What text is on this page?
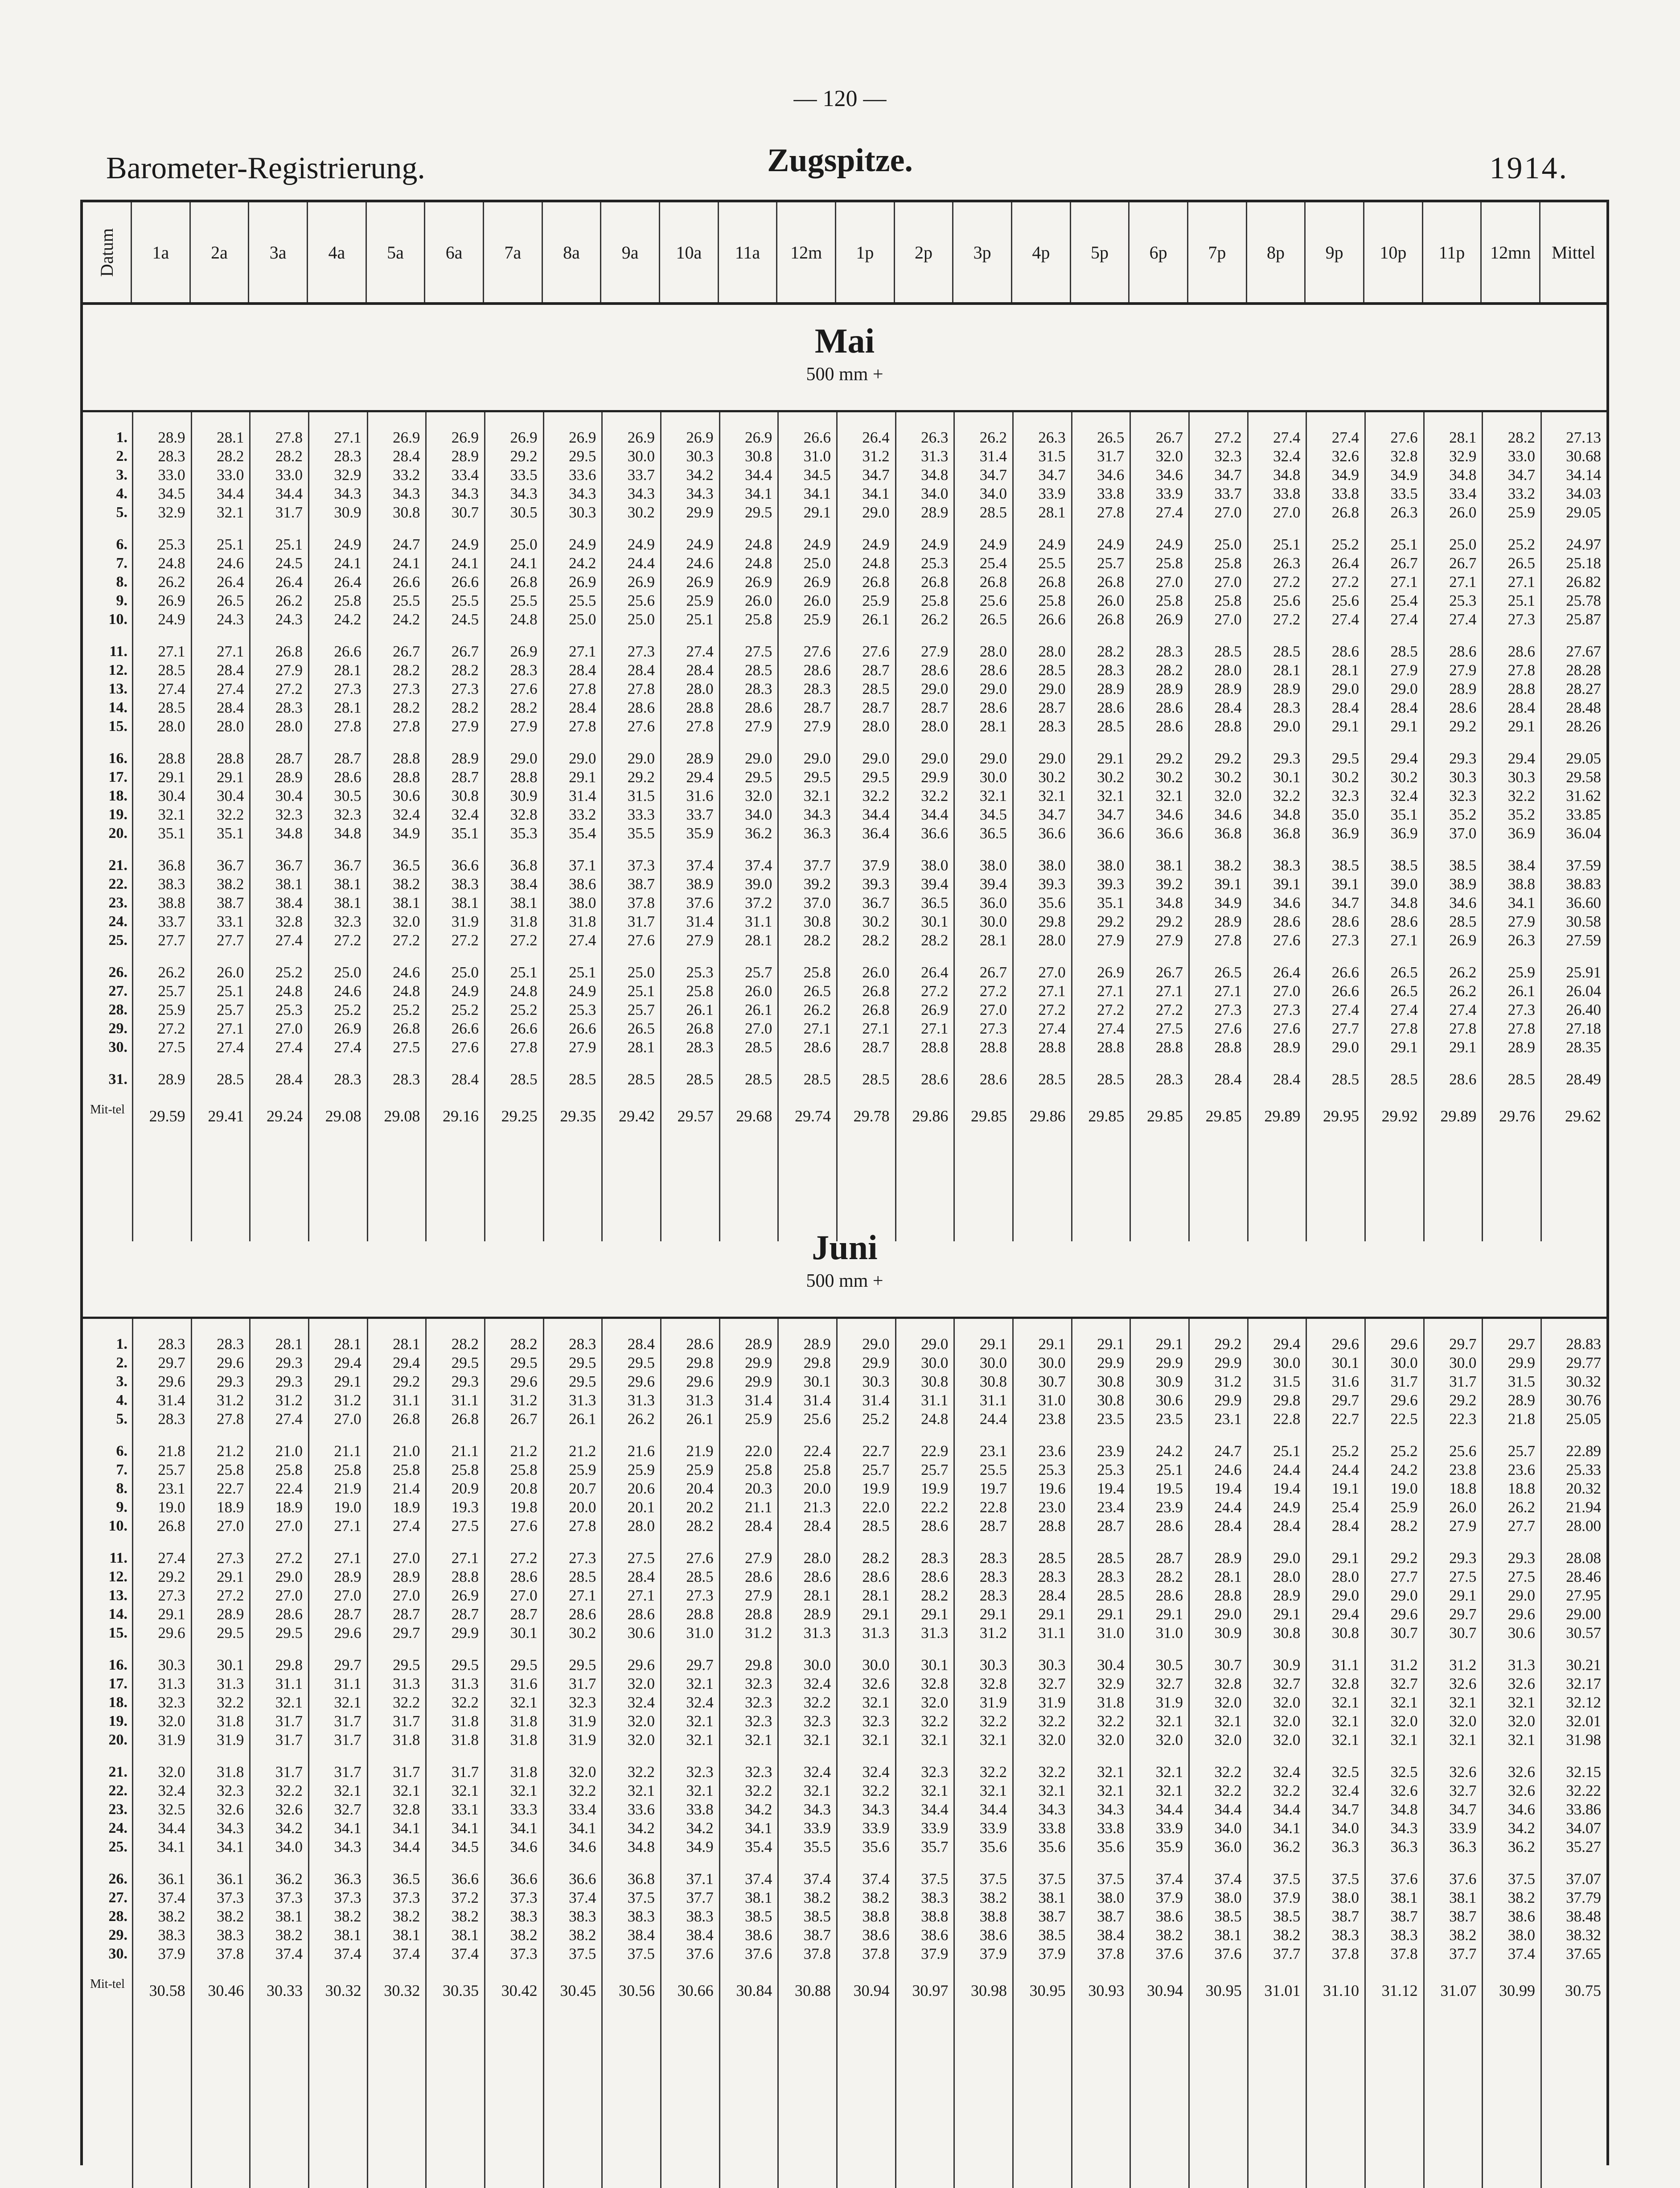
— 120 —
Barometer-Registrierung.	Zugspitze.	1914.
Datum 1a 2a 3a 4a 5a 6a 7a 8a 9a 10a 11a 12m 1p 2p 3p 4p 5p 6p 7p 8p 9p 10p 11p 12mn Mittel
Mai
500 mm +
1.	28.9	28.1	27.8	27.1	26.9	26.9	26.9	26.9	26.9	26.9	26.9	26.6	26.4	26.3	26.2	26.3	26.5	26.7	27.2	27.4	27.4	27.6	28.1	28.2	27.13
2.	28.3	28.2	28.2	28.3	28.4	28.9	29.2	29.5	30.0	30.3	30.8	31.0	31.2	31.3	31.4	31.5	31.7	32.0	32.3	32.4	32.6	32.8	32.9	33.0	30.68
3.	33.0	33.0	33.0	32.9	33.2	33.4	33.5	33.6	33.7	34.2	34.4	34.5	34.7	34.8	34.7	34.7	34.6	34.6	34.7	34.8	34.9	34.9	34.8	34.7	34.14
4.	34.5	34.4	34.4	34.3	34.3	34.3	34.3	34.3	34.3	34.3	34.1	34.1	34.1	34.0	34.0	33.9	33.8	33.9	33.7	33.8	33.8	33.5	33.4	33.2	34.03
5.	32.9	32.1	31.7	30.9	30.8	30.7	30.5	30.3	30.2	29.9	29.5	29.1	29.0	28.9	28.5	28.1	27.8	27.4	27.0	27.0	26.8	26.3	26.0	25.9	29.05
6.	25.3	25.1	25.1	24.9	24.7	24.9	25.0	24.9	24.9	24.9	24.8	24.9	24.9	24.9	24.9	24.9	24.9	24.9	25.0	25.1	25.2	25.1	25.0	25.2	24.97
7.	24.8	24.6	24.5	24.1	24.1	24.1	24.1	24.2	24.4	24.6	24.8	25.0	24.8	25.3	25.4	25.5	25.7	25.8	25.8	26.3	26.4	26.7	26.7	26.5	25.18
8.	26.2	26.4	26.4	26.4	26.6	26.6	26.8	26.9	26.9	26.9	26.9	26.9	26.8	26.8	26.8	26.8	26.8	27.0	27.0	27.2	27.2	27.1	27.1	27.1	26.82
9.	26.9	26.5	26.2	25.8	25.5	25.5	25.5	25.5	25.6	25.9	26.0	26.0	25.9	25.8	25.6	25.8	26.0	25.8	25.8	25.6	25.6	25.4	25.3	25.1	25.78
10.	24.9	24.3	24.3	24.2	24.2	24.5	24.8	25.0	25.0	25.1	25.8	25.9	26.1	26.2	26.5	26.6	26.8	26.9	27.0	27.2	27.4	27.4	27.4	27.3	25.87
11.	27.1	27.1	26.8	26.6	26.7	26.7	26.9	27.1	27.3	27.4	27.5	27.6	27.6	27.9	28.0	28.0	28.2	28.3	28.5	28.5	28.6	28.5	28.6	28.6	27.67
12.	28.5	28.4	27.9	28.1	28.2	28.2	28.3	28.4	28.4	28.4	28.5	28.6	28.7	28.6	28.6	28.5	28.3	28.2	28.0	28.1	28.1	27.9	27.9	27.8	28.28
13.	27.4	27.4	27.2	27.3	27.3	27.3	27.6	27.8	27.8	28.0	28.3	28.3	28.5	29.0	29.0	29.0	28.9	28.9	28.9	28.9	29.0	29.0	28.9	28.8	28.27
14.	28.5	28.4	28.3	28.1	28.2	28.2	28.2	28.4	28.6	28.8	28.6	28.7	28.7	28.7	28.6	28.7	28.6	28.6	28.4	28.3	28.4	28.4	28.6	28.4	28.48
15.	28.0	28.0	28.0	27.8	27.8	27.9	27.9	27.8	27.6	27.8	27.9	27.9	28.0	28.0	28.1	28.3	28.5	28.6	28.8	29.0	29.1	29.1	29.2	29.1	28.26
16.	28.8	28.8	28.7	28.7	28.8	28.9	29.0	29.0	29.0	28.9	29.0	29.0	29.0	29.0	29.0	29.0	29.1	29.2	29.2	29.3	29.5	29.4	29.3	29.4	29.05
17.	29.1	29.1	28.9	28.6	28.8	28.7	28.8	29.1	29.2	29.4	29.5	29.5	29.5	29.9	30.0	30.2	30.2	30.2	30.2	30.1	30.2	30.2	30.3	30.3	29.58
18.	30.4	30.4	30.4	30.5	30.6	30.8	30.9	31.4	31.5	31.6	32.0	32.1	32.2	32.2	32.1	32.1	32.1	32.1	32.0	32.2	32.3	32.4	32.3	32.2	31.62
19.	32.1	32.2	32.3	32.3	32.4	32.4	32.8	33.2	33.3	33.7	34.0	34.3	34.4	34.4	34.5	34.7	34.7	34.6	34.6	34.8	35.0	35.1	35.2	35.2	33.85
20.	35.1	35.1	34.8	34.8	34.9	35.1	35.3	35.4	35.5	35.9	36.2	36.3	36.4	36.6	36.5	36.6	36.6	36.6	36.8	36.8	36.9	36.9	37.0	36.9	36.04
21.	36.8	36.7	36.7	36.7	36.5	36.6	36.8	37.1	37.3	37.4	37.4	37.7	37.9	38.0	38.0	38.0	38.0	38.1	38.2	38.3	38.5	38.5	38.5	38.4	37.59
22.	38.3	38.2	38.1	38.1	38.2	38.3	38.4	38.6	38.7	38.9	39.0	39.2	39.3	39.4	39.4	39.3	39.3	39.2	39.1	39.1	39.1	39.0	38.9	38.8	38.83
23.	38.8	38.7	38.4	38.1	38.1	38.1	38.1	38.0	37.8	37.6	37.2	37.0	36.7	36.5	36.0	35.6	35.1	34.8	34.9	34.6	34.7	34.8	34.6	34.1	36.60
24.	33.7	33.1	32.8	32.3	32.0	31.9	31.8	31.8	31.7	31.4	31.1	30.8	30.2	30.1	30.0	29.8	29.2	29.2	28.9	28.6	28.6	28.6	28.5	27.9	30.58
25.	27.7	27.7	27.4	27.2	27.2	27.2	27.2	27.4	27.6	27.9	28.1	28.2	28.2	28.2	28.1	28.0	27.9	27.9	27.8	27.6	27.3	27.1	26.9	26.3	27.59
26.	26.2	26.0	25.2	25.0	24.6	25.0	25.1	25.1	25.0	25.3	25.7	25.8	26.0	26.4	26.7	27.0	26.9	26.7	26.5	26.4	26.6	26.5	26.2	25.9	25.91
27.	25.7	25.1	24.8	24.6	24.8	24.9	24.8	24.9	25.1	25.8	26.0	26.5	26.8	27.2	27.2	27.1	27.1	27.1	27.1	27.0	26.6	26.5	26.2	26.1	26.04
28.	25.9	25.7	25.3	25.2	25.2	25.2	25.2	25.3	25.7	26.1	26.1	26.2	26.8	26.9	27.0	27.2	27.2	27.2	27.3	27.3	27.4	27.4	27.4	27.3	26.40
29.	27.2	27.1	27.0	26.9	26.8	26.6	26.6	26.6	26.5	26.8	27.0	27.1	27.1	27.1	27.3	27.4	27.4	27.5	27.6	27.6	27.7	27.8	27.8	27.8	27.18
30.	27.5	27.4	27.4	27.4	27.5	27.6	27.8	27.9	28.1	28.3	28.5	28.6	28.7	28.8	28.8	28.8	28.8	28.8	28.8	28.9	29.0	29.1	29.1	28.9	28.35
31.	28.9	28.5	28.4	28.3	28.3	28.4	28.5	28.5	28.5	28.5	28.5	28.5	28.5	28.6	28.6	28.5	28.5	28.3	28.4	28.4	28.5	28.5	28.6	28.5	28.49
Mit-tel	29.59	29.41	29.24	29.08	29.08	29.16	29.25	29.35	29.42	29.57	29.68	29.74	29.78	29.86	29.85	29.86	29.85	29.85	29.85	29.89	29.95	29.92	29.89	29.76	29.62
Juni
500 mm +
1.	28.3	28.3	28.1	28.1	28.1	28.2	28.2	28.3	28.4	28.6	28.9	28.9	29.0	29.0	29.1	29.1	29.1	29.1	29.2	29.4	29.6	29.6	29.7	29.7	28.83
2.	29.7	29.6	29.3	29.4	29.4	29.5	29.5	29.5	29.5	29.8	29.9	29.8	29.9	30.0	30.0	30.0	29.9	29.9	29.9	30.0	30.1	30.0	30.0	29.9	29.77
3.	29.6	29.3	29.3	29.1	29.2	29.3	29.6	29.5	29.6	29.6	29.9	30.1	30.3	30.8	30.8	30.7	30.8	30.9	31.2	31.5	31.6	31.7	31.7	31.5	30.32
4.	31.4	31.2	31.2	31.2	31.1	31.1	31.2	31.3	31.3	31.3	31.4	31.4	31.4	31.1	31.1	31.0	30.8	30.6	29.9	29.8	29.7	29.6	29.2	28.9	30.76
5.	28.3	27.8	27.4	27.0	26.8	26.8	26.7	26.1	26.2	26.1	25.9	25.6	25.2	24.8	24.4	23.8	23.5	23.5	23.1	22.8	22.7	22.5	22.3	21.8	25.05
6.	21.8	21.2	21.0	21.1	21.0	21.1	21.2	21.2	21.6	21.9	22.0	22.4	22.7	22.9	23.1	23.6	23.9	24.2	24.7	25.1	25.2	25.2	25.6	25.7	22.89
7.	25.7	25.8	25.8	25.8	25.8	25.8	25.8	25.9	25.9	25.9	25.8	25.8	25.7	25.7	25.5	25.3	25.3	25.1	24.6	24.4	24.4	24.2	23.8	23.6	25.33
8.	23.1	22.7	22.4	21.9	21.4	20.9	20.8	20.7	20.6	20.4	20.3	20.0	19.9	19.9	19.7	19.6	19.4	19.5	19.4	19.4	19.1	19.0	18.8	18.8	20.32
9.	19.0	18.9	18.9	19.0	18.9	19.3	19.8	20.0	20.1	20.2	21.1	21.3	22.0	22.2	22.8	23.0	23.4	23.9	24.4	24.9	25.4	25.9	26.0	26.2	21.94
10.	26.8	27.0	27.0	27.1	27.4	27.5	27.6	27.8	28.0	28.2	28.4	28.4	28.5	28.6	28.7	28.8	28.7	28.6	28.4	28.4	28.4	28.2	27.9	27.7	28.00
11.	27.4	27.3	27.2	27.1	27.0	27.1	27.2	27.3	27.5	27.6	27.9	28.0	28.2	28.3	28.3	28.5	28.5	28.7	28.9	29.0	29.1	29.2	29.3	29.3	28.08
12.	29.2	29.1	29.0	28.9	28.9	28.8	28.6	28.5	28.4	28.5	28.6	28.6	28.6	28.6	28.3	28.3	28.3	28.2	28.1	28.0	28.0	27.7	27.5	27.5	28.46
13.	27.3	27.2	27.0	27.0	27.0	26.9	27.0	27.1	27.1	27.3	27.9	28.1	28.1	28.2	28.3	28.4	28.5	28.6	28.8	28.9	29.0	29.0	29.1	29.0	27.95
14.	29.1	28.9	28.6	28.7	28.7	28.7	28.7	28.6	28.6	28.8	28.8	28.9	29.1	29.1	29.1	29.1	29.1	29.1	29.0	29.1	29.4	29.6	29.7	29.6	29.00
15.	29.6	29.5	29.5	29.6	29.7	29.9	30.1	30.2	30.6	31.0	31.2	31.3	31.3	31.3	31.2	31.1	31.0	31.0	30.9	30.8	30.8	30.7	30.7	30.6	30.57
16.	30.3	30.1	29.8	29.7	29.5	29.5	29.5	29.5	29.6	29.7	29.8	30.0	30.0	30.1	30.3	30.3	30.4	30.5	30.7	30.9	31.1	31.2	31.2	31.3	30.21
17.	31.3	31.3	31.1	31.1	31.3	31.3	31.6	31.7	32.0	32.1	32.3	32.4	32.6	32.8	32.8	32.7	32.9	32.7	32.8	32.7	32.8	32.7	32.6	32.6	32.17
18.	32.3	32.2	32.1	32.1	32.2	32.2	32.1	32.3	32.4	32.4	32.3	32.2	32.1	32.0	31.9	31.9	31.8	31.9	32.0	32.0	32.1	32.1	32.1	32.1	32.12
19.	32.0	31.8	31.7	31.7	31.7	31.8	31.8	31.9	32.0	32.1	32.3	32.3	32.3	32.2	32.2	32.2	32.2	32.1	32.1	32.0	32.1	32.0	32.0	32.0	32.01
20.	31.9	31.9	31.7	31.7	31.8	31.8	31.8	31.9	32.0	32.1	32.1	32.1	32.1	32.1	32.1	32.0	32.0	32.0	32.0	32.0	32.1	32.1	32.1	32.1	31.98
21.	32.0	31.8	31.7	31.7	31.7	31.7	31.8	32.0	32.2	32.3	32.3	32.4	32.4	32.3	32.2	32.2	32.1	32.1	32.2	32.4	32.5	32.5	32.6	32.6	32.15
22.	32.4	32.3	32.2	32.1	32.1	32.1	32.1	32.2	32.1	32.1	32.2	32.1	32.2	32.1	32.1	32.1	32.1	32.1	32.2	32.2	32.4	32.6	32.7	32.6	32.22
23.	32.5	32.6	32.6	32.7	32.8	33.1	33.3	33.4	33.6	33.8	34.2	34.3	34.3	34.4	34.4	34.3	34.3	34.4	34.4	34.4	34.7	34.8	34.7	34.6	33.86
24.	34.4	34.3	34.2	34.1	34.1	34.1	34.1	34.1	34.2	34.2	34.1	33.9	33.9	33.9	33.9	33.8	33.8	33.9	34.0	34.1	34.0	34.3	33.9	34.2	34.07
25.	34.1	34.1	34.0	34.3	34.4	34.5	34.6	34.6	34.8	34.9	35.4	35.5	35.6	35.7	35.6	35.6	35.6	35.9	36.0	36.2	36.3	36.3	36.3	36.2	35.27
26.	36.1	36.1	36.2	36.3	36.5	36.6	36.6	36.6	36.8	37.1	37.4	37.4	37.4	37.5	37.5	37.5	37.5	37.4	37.4	37.5	37.5	37.6	37.6	37.5	37.07
27.	37.4	37.3	37.3	37.3	37.3	37.2	37.3	37.4	37.5	37.7	38.1	38.2	38.2	38.3	38.2	38.1	38.0	37.9	38.0	37.9	38.0	38.1	38.1	38.2	37.79
28.	38.2	38.2	38.1	38.2	38.2	38.2	38.3	38.3	38.3	38.3	38.5	38.5	38.8	38.8	38.8	38.7	38.7	38.6	38.5	38.5	38.7	38.7	38.7	38.6	38.48
29.	38.3	38.3	38.2	38.1	38.1	38.1	38.2	38.2	38.4	38.4	38.6	38.7	38.6	38.6	38.6	38.5	38.4	38.2	38.1	38.2	38.3	38.3	38.2	38.0	38.32
30.	37.9	37.8	37.4	37.4	37.4	37.4	37.3	37.5	37.5	37.6	37.6	37.8	37.8	37.9	37.9	37.9	37.8	37.6	37.6	37.7	37.8	37.8	37.7	37.4	37.65
Mit-tel	30.58	30.46	30.33	30.32	30.32	30.35	30.42	30.45	30.56	30.66	30.84	30.88	30.94	30.97	30.98	30.95	30.93	30.94	30.95	31.01	31.10	31.12	31.07	30.99	30.75
